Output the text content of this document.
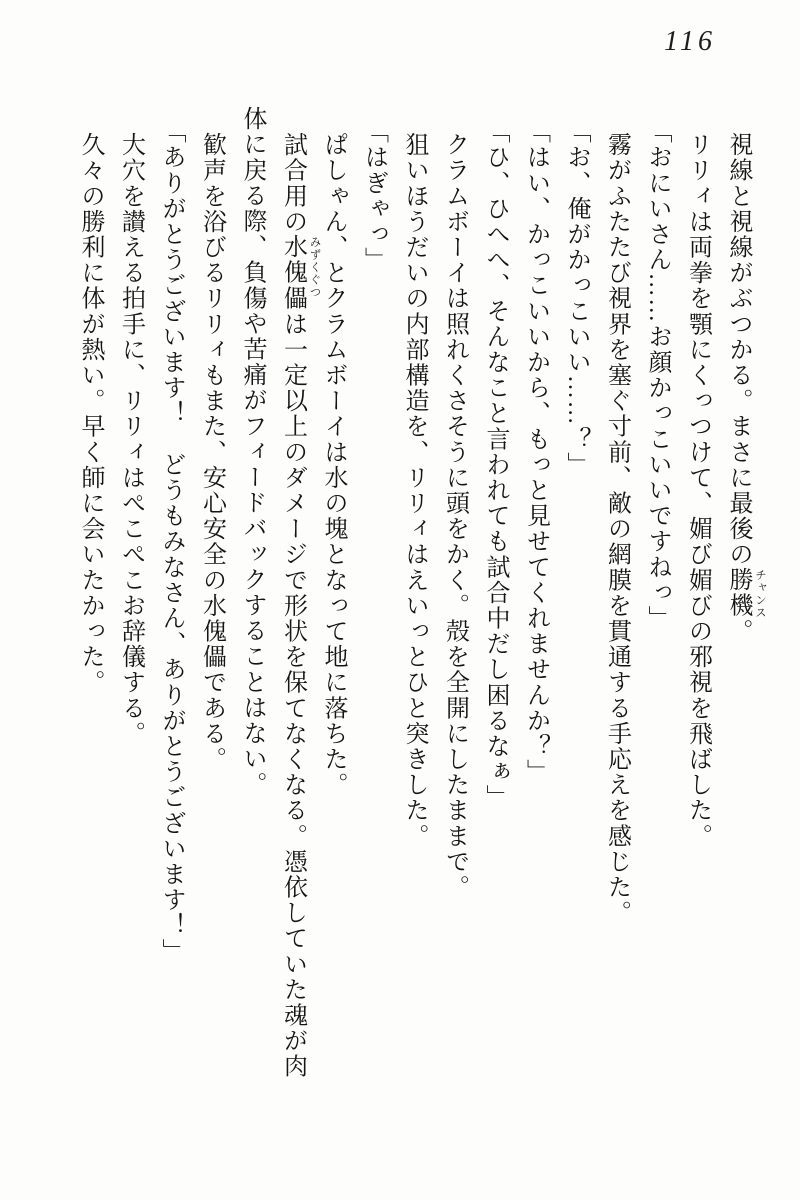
116
視線と視線がぶつかる。まさに最後の勝機 チャンス
。
リリィは両拳を顎にくっつけて、媚び媚びの邪視を飛ばした。
「おにいさん……お顔かっこいいですねっ」
霧がふたたび視界を塞ぐ寸前、敵の網膜を貫通する手応えを感じた。
「お、俺がかっこいい……？」
「はい、かっこいいから、もっと見せてくれませんか？」
「ひ、ひへへ、そんなこと言われても試合中だし困るなぁ」
クラムボーイは照れくさそうに頭をかく。殻を全開にしたままで。
狙いほうだいの内部構造を、リリィはえいっとひと突きした。
「はぎゃっ」
ぱしゃん、とクラムボーイは水の塊となって地に落ちた。
試合用の水傀儡 みずくぐつ
は一定以上のダメージで形状を保てなくなる。憑依していた魂が肉
体に戻る際、負傷や苦痛がフィードバックすることはない。
歓声を浴びるリリィもまた、安心安全の水傀儡である。
「ありがとうございます！　どうもみなさん、ありがとうございます！」
大穴を讃える拍手に、リリィはぺこぺこお辞儀する。
久々の勝利に体が熱い。早く師に会いたかった。
